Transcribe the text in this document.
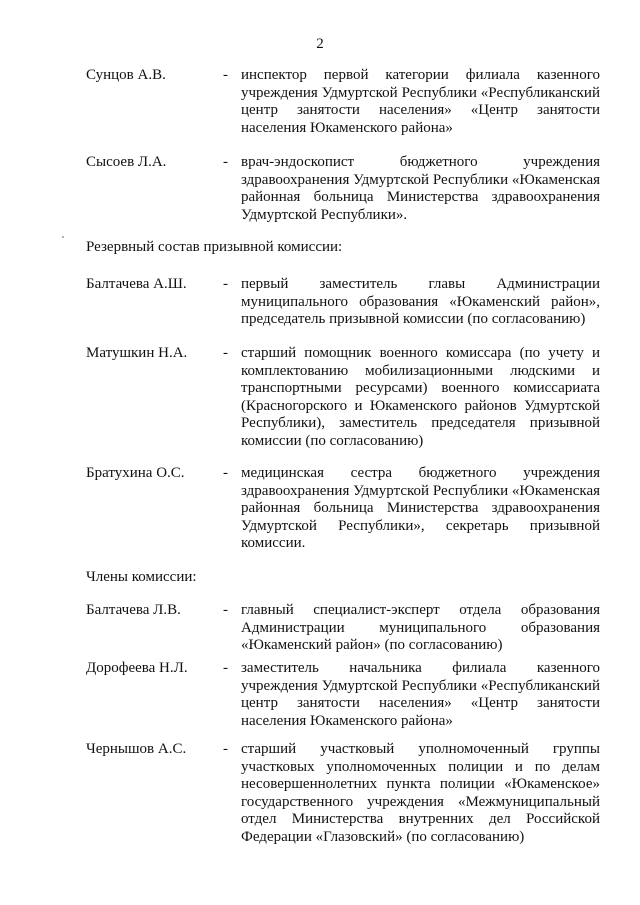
2
Сунцов А.В.	- инспектор первой категории филиала казенного учреждения Удмуртской Республики «Республиканский центр занятости населения» «Центр занятости населения Юкаменского района»
Сысоев Л.А.	- врач-эндоскопист бюджетного учреждения здравоохранения Удмуртской Республики «Юкаменская районная больница Министерства здравоохранения Удмуртской Республики».
Резервный состав призывной комиссии:
Балтачева А.Ш. - первый заместитель главы Администрации муниципального образования «Юкаменский район», председатель призывной комиссии (по согласованию)
Матушкин Н.А. - старший помощник военного комиссара (по учету и комплектованию мобилизационными людскими и транспортными ресурсами) военного комиссариата (Красногорского и Юкаменского районов Удмуртской Республики), заместитель председателя призывной комиссии (по согласованию)
Братухина О.С.	- медицинская сестра бюджетного учреждения здравоохранения Удмуртской Республики «Юкаменская районная больница Министерства здравоохранения Удмуртской Республики», секретарь призывной комиссии.
Члены комиссии:
Балтачева Л.В.	- главный специалист-эксперт отдела образования Администрации муниципального образования «Юкаменский район» (по согласованию)
Дорофеева Н.Л. - заместитель начальника филиала казенного учреждения Удмуртской Республики «Республиканский центр занятости населения» «Центр занятости населения Юкаменского района»
Чернышов А.С. - старший участковый уполномоченный группы участковых уполномоченных полиции и по делам несовершеннолетних пункта полиции «Юкаменское» государственного учреждения «Межмуниципальный отдел Министерства внутренних дел Российской Федерации «Глазовский» (по согласованию)
